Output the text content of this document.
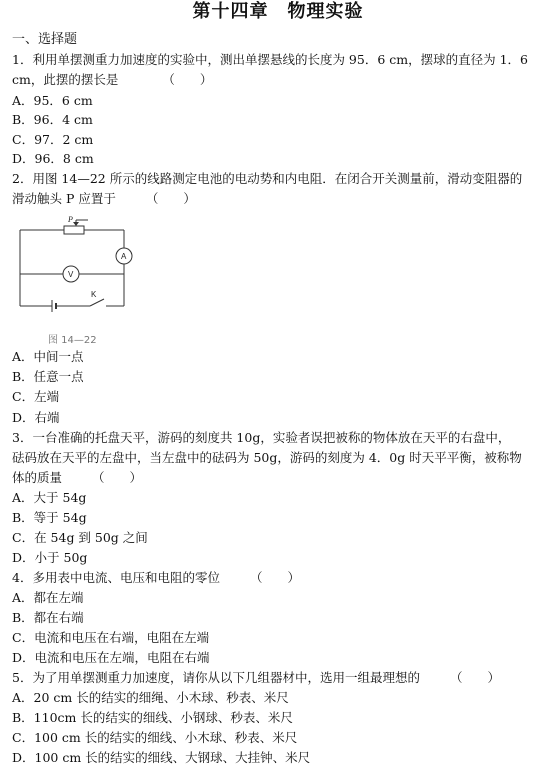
第十四章　物理实验
一、选择题
1．利用单摆测重力加速度的实验中，测出单摆悬线的长度为 95．6 cm，摆球的直径为 1．6
cm，此摆的摆长是	（　　）
A．95．6 cm
B．96．4 cm
C．97．2 cm
D．96．8 cm
2．用图 14—22 所示的线路测定电池的电动势和内电阻．在闭合开关测量前，滑动变阻器的
滑动触头 P 应置于 （　　）
P
A
V
K
图 14—22
A．中间一点
B．任意一点
C．左端
D．右端
3．一台准确的托盘天平，游码的刻度共 10g，实验者误把被称的物体放在天平的右盘中，
砝码放在天平的左盘中，当左盘中的砝码为 50g，游码的刻度为 4．0g 时天平平衡，被称物
体的质量 （　　）
A．大于 54g
B．等于 54g
C．在 54g 到 50g 之间
D．小于 50g
4．多用表中电流、电压和电阻的零位 （　　）
A．都在左端
B．都在右端
C．电流和电压在右端，电阻在左端
D．电流和电压在左端，电阻在右端
5．为了用单摆测重力加速度，请你从以下几组器材中，选用一组最理想的 （　　）
A．20 cm 长的结实的细绳、小木球、秒表、米尺
B．110cm 长的结实的细线、小钢球、秒表、米尺
C．100 cm 长的结实的细线、小木球、秒表、米尺
D．100 cm 长的结实的细线、大钢球、大挂钟、米尺
